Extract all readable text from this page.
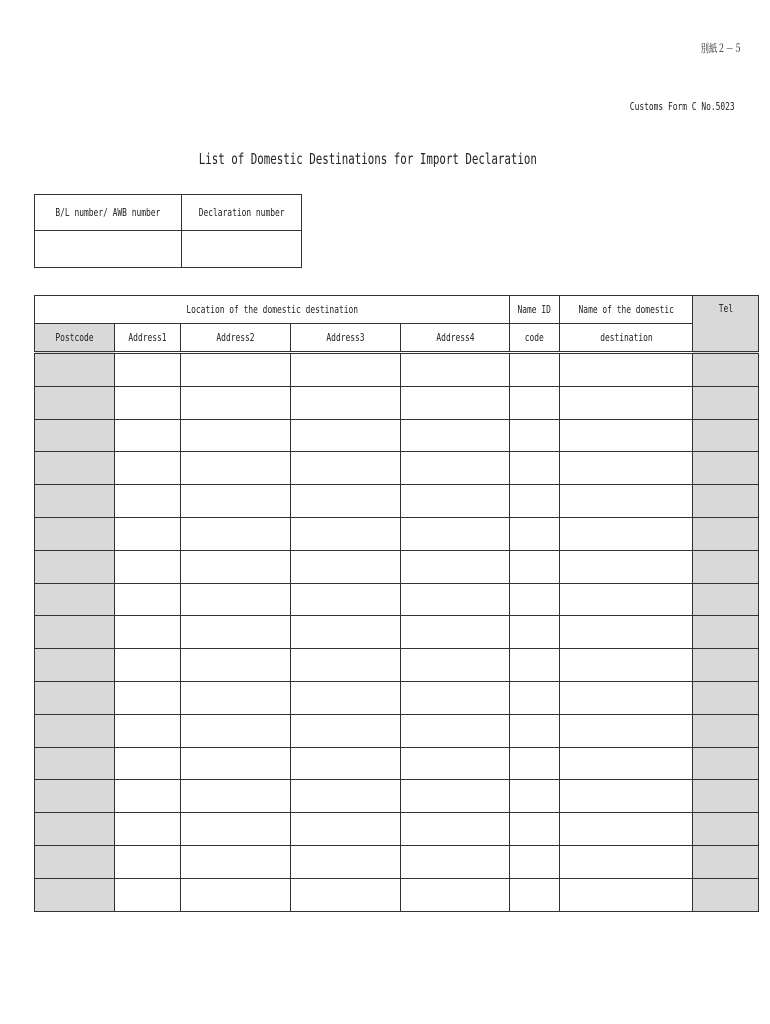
別紙２－５
Customs Form C No.5023
List of Domestic Destinations for Import Declaration
B/L number/ AWB number	Declaration number

Location of the domestic destination					Name ID	Name of the domestic	Tel
Postcode	Address1	Address2	Address3	Address4	code	destination	
